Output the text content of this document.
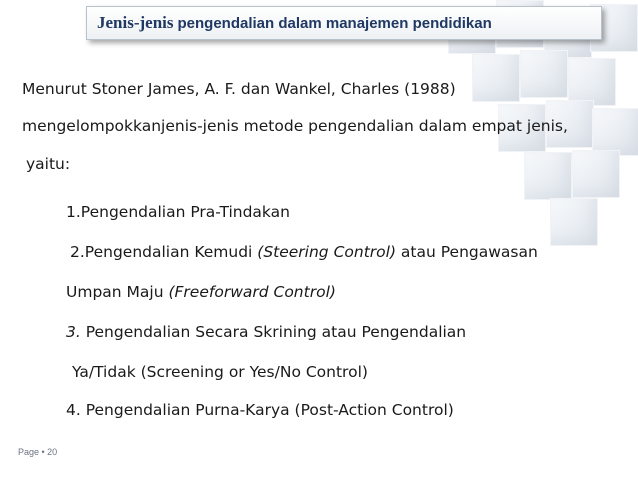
Jenis-jenis pengendalian dalam manajemen pendidikan
Menurut Stoner James, A. F. dan Wankel, Charles (1988)
mengelompokkanjenis-jenis metode pengendalian dalam empat jenis,
yaitu:
1.Pengendalian Pra-Tindakan
2.Pengendalian Kemudi (Steering Control) atau Pengawasan
Umpan Maju (Freeforward Control)
3. Pengendalian Secara Skrining atau Pengendalian
Ya/Tidak (Screening or Yes/No Control)
4. Pengendalian Purna-Karya (Post-Action Control)
Page • 20
